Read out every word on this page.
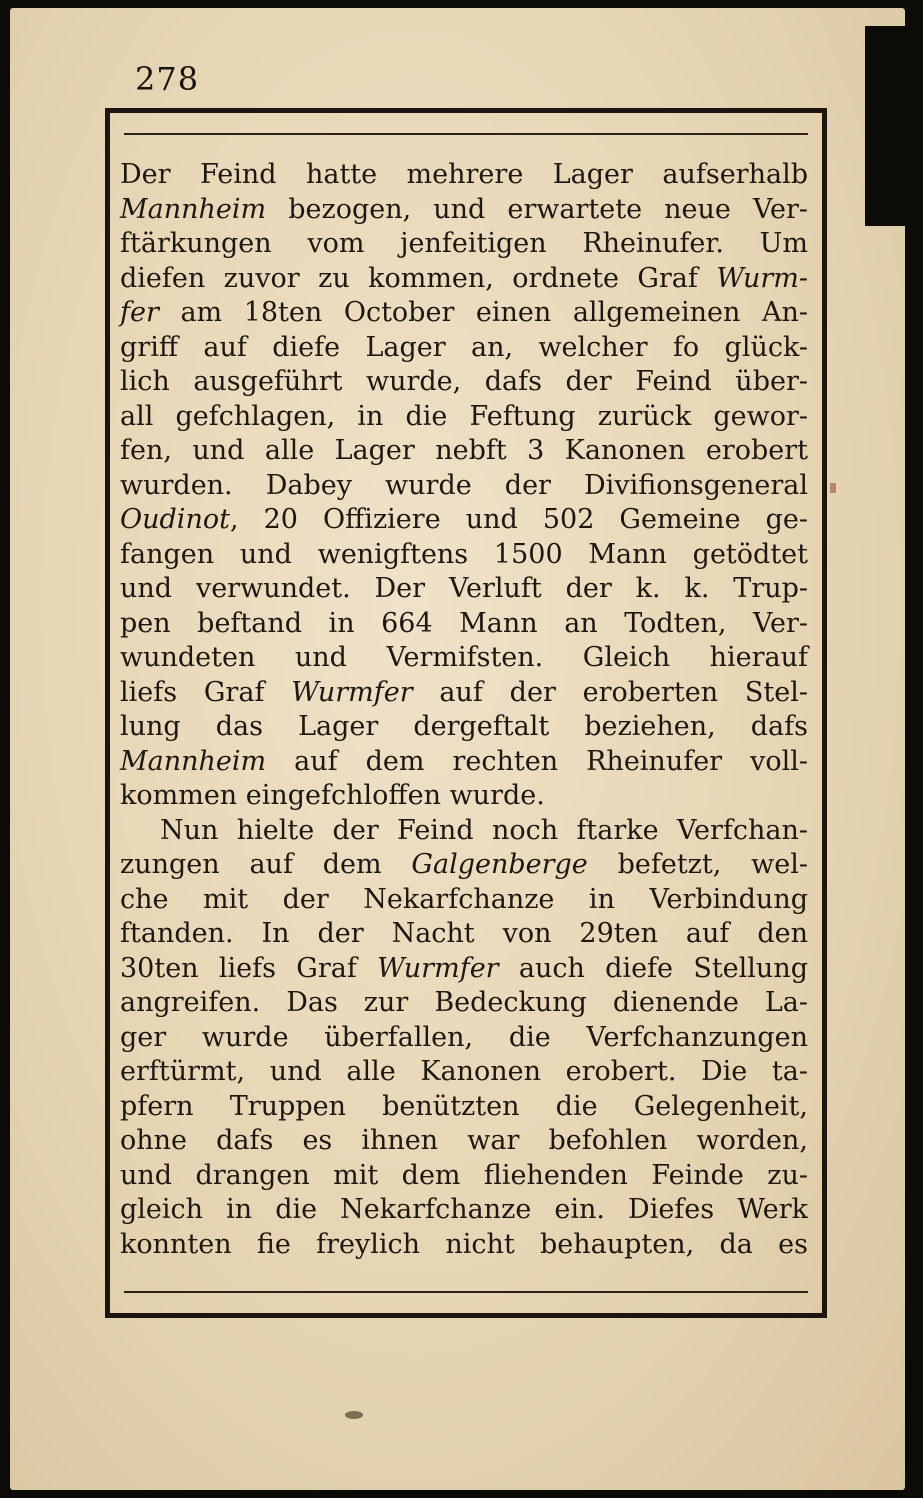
278
Der Feind hatte mehrere Lager aufserhalb
Mannheim bezogen, und erwartete neue Ver-
ftärkungen vom jenfeitigen Rheinufer. Um
diefen zuvor zu kommen, ordnete Graf Wurm-
fer am 18ten October einen allgemeinen An-
griff auf diefe Lager an, welcher fo glück-
lich ausgeführt wurde, dafs der Feind über-
all gefchlagen, in die Feftung zurück gewor-
fen, und alle Lager nebft 3 Kanonen erobert
wurden. Dabey wurde der Divifionsgeneral
Oudinot, 20 Offiziere und 502 Gemeine ge-
fangen und wenigftens 1500 Mann getödtet
und verwundet. Der Verluft der k. k. Trup-
pen beftand in 664 Mann an Todten, Ver-
wundeten und Vermifsten. Gleich hierauf
liefs Graf Wurmfer auf der eroberten Stel-
lung das Lager dergeftalt beziehen, dafs
Mannheim auf dem rechten Rheinufer voll-
kommen eingefchloffen wurde.
Nun hielte der Feind noch ftarke Verfchan-
zungen auf dem Galgenberge befetzt, wel-
che mit der Nekarfchanze in Verbindung
ftanden. In der Nacht von 29ten auf den
30ten liefs Graf Wurmfer auch diefe Stellung
angreifen. Das zur Bedeckung dienende La-
ger wurde überfallen, die Verfchanzungen
erftürmt, und alle Kanonen erobert. Die ta-
pfern Truppen benützten die Gelegenheit,
ohne dafs es ihnen war befohlen worden,
und drangen mit dem fliehenden Feinde zu-
gleich in die Nekarfchanze ein. Diefes Werk
konnten fie freylich nicht behaupten, da es
